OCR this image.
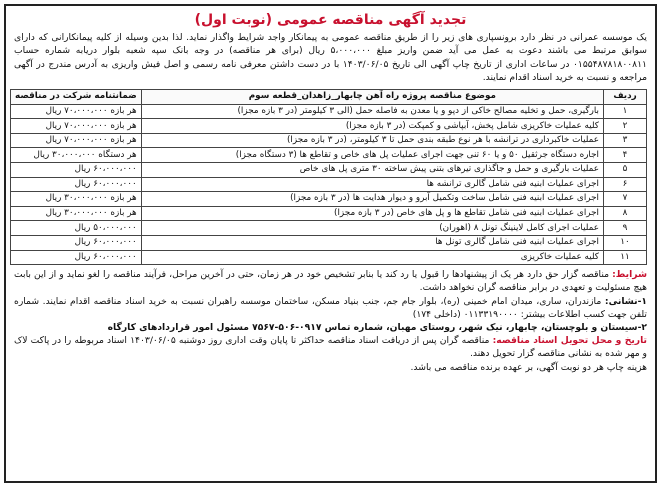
تجدید آگهی مناقصه عمومی (نوبت اول)
یک موسسه عمرانی در نظر دارد برونسپاری های زیر را از طریق مناقصه عمومی به پیمانکار واجد شرایط واگذار نماید. لذا بدین وسیله از کلیه پیمانکارانی که دارای سوابق مرتبط می باشند دعوت به عمل می آید ضمن واریز مبلغ ۵،۰۰۰،۰۰۰ ریال (برای هر مناقصه) در وجه بانک سپه شعبه بلوار دریابه شماره حساب ۰۱۵۵۴۸۷۸۱۸۰۰۸۱۱ در ساعات اداری از تاریخ چاپ آگهی الی تاریخ ۱۴۰۳/۰۶/۰۵ با در دست داشتن معرفی نامه رسمی و اصل فیش واریزی به آدرس مندرج در آگهی مراجعه و نسبت به خرید اسناد اقدام نمایند.
ردیف	موضوع مناقصه پروژه راه آهن چابهار_زاهدان_قطعه سوم	ضمانتنامه شرکت در مناقصه
۱	بارگیری، حمل و تخلیه مصالح خاکی از دپو و یا معدن به فاصله حمل (الی ۳ کیلومتر (در ۳ بازه مجزا)	هر بازه ۷۰،۰۰۰،۰۰۰ ریال
۲	کلیه عملیات خاکریزی شامل پخش، آبپاشی و کمپکت (در ۳ بازه مجزا)	هر بازه ۷۰،۰۰۰،۰۰۰ ریال
۳	عملیات خاکبرداری در ترانشه با هر نوع طبقه بندی حمل تا ۳ کیلومتر، (در ۳ بازه مجزا)	هر بازه ۷۰،۰۰۰،۰۰۰ ریال
۴	اجاره دستگاه جرثقیل ۵۰ و یا ۶۰ تنی جهت اجرای عملیات پل های خاص و تقاطع ها (۳ دستگاه مجزا)	هر دستگاه ۳۰،۰۰۰،۰۰۰ ریال
۵	عملیات بارگیری و حمل و جاگذاری تیرهای بتنی پیش ساخته ۳۰ متری پل های خاص	۶۰،۰۰۰،۰۰۰ ریال
۶	اجرای عملیات ابنیه فنی شامل گالری ترانشه ها	۶۰،۰۰۰،۰۰۰ ریال
۷	اجرای عملیات ابنیه فنی شامل ساخت وتکمیل آبرو و دیوار هدایت ها (در ۳ بازه مجزا)	هر بازه ۳۰،۰۰۰،۰۰۰ ریال
۸	اجرای عملیات ابنیه فنی شامل تقاطع ها و پل های خاص (در ۳ بازه مجزا)	هر بازه ۳۰،۰۰۰،۰۰۰ ریال
۹	عملیات اجرای کامل لاینینگ تونل ۸ (اهوران)	۵۰،۰۰۰،۰۰۰ ریال
۱۰	اجرای عملیات ابنیه فنی شامل گالری تونل ها	۶۰،۰۰۰،۰۰۰ ریال
۱۱	کلیه عملیات خاکریزی	۶۰،۰۰۰،۰۰۰ ریال

شرایط: مناقصه گزار حق دارد هر یک از پیشنهادها را قبول یا رد کند یا بنابر تشخیص خود در هر زمان، حتی در آخرین مراحل، فرآیند مناقصه را لغو نماید و از این بابت هیچ مسئولیت و تعهدی در برابر مناقصه گران نخواهد داشت.

۱-نشانی: مازندران، ساری، میدان امام خمینی (ره)، بلوار جام جم، جنب بنیاد مسکن، ساختمان موسسه راهبران نسبت به خرید اسناد مناقصه اقدام نمایند. شماره تلفن جهت کسب اطلاعات بیشتر: ۰۱۱۳۳۱۹۰۰۰۰ (داخلی ۱۷۴)

۲-سیستان و بلوچستان، چابهار، نیک شهر، روستای مهبان، شماره تماس ۰۹۱۷-۵۰۶-۷۵۶۷ مسئول امور قراردادهای کارگاه

تاریخ و محل تحویل اسناد مناقصه: مناقصه گران پس از دریافت اسناد مناقصه حداکثر تا پایان وقت اداری روز دوشنبه ۱۴۰۳/۰۶/۰۵ اسناد مربوطه را در پاکت لاک و مهر شده به نشانی مناقصه گزار تحویل دهند.

هزینه چاپ هر دو نوبت آگهی، بر عهده برنده مناقصه می باشد.
